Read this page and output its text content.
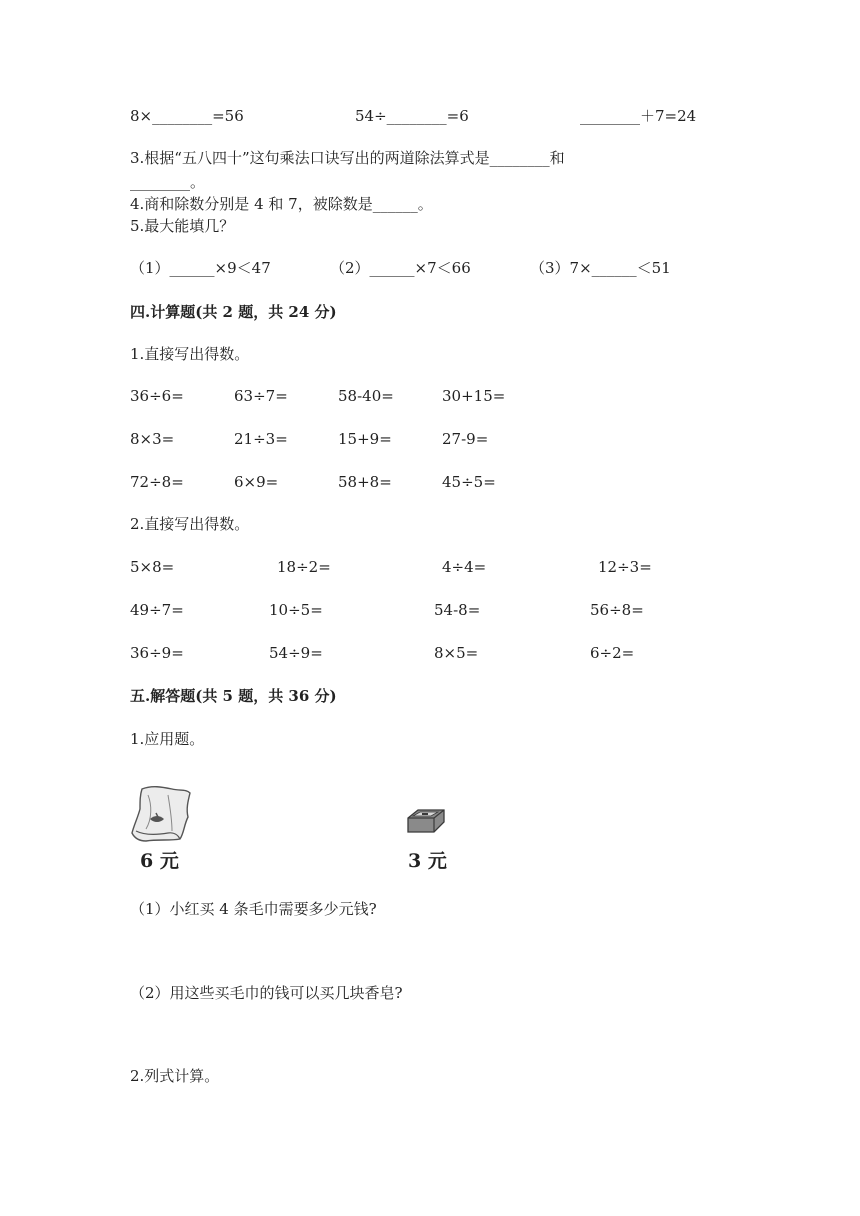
8×________=56	54÷________=6	________＋7=24
3.根据“五八四十”这句乘法口诀写出的两道除法算式是________和
________。
4.商和除数分别是 4 和 7，被除数是______。
5.最大能填几？
（1）______×9＜47	（2）______×7＜66	（3）7×______＜51
四.计算题(共 2 题，共 24 分)
1.直接写出得数。
36÷6=	63÷7=	58-40=	30+15=
8×3=	21÷3=	15+9=	27-9=
72÷8=	6×9=	58+8=	45÷5=
2.直接写出得数。
5×8=	18÷2=	4÷4=	12÷3=
49÷7=	10÷5=	54-8=	56÷8=
36÷9=	54÷9=	8×5=	6÷2=
五.解答题(共 5 题，共 36 分)
1.应用题。
6 元	3 元
（1）小红买 4 条毛巾需要多少元钱?
（2）用这些买毛巾的钱可以买几块香皂?
2.列式计算。
